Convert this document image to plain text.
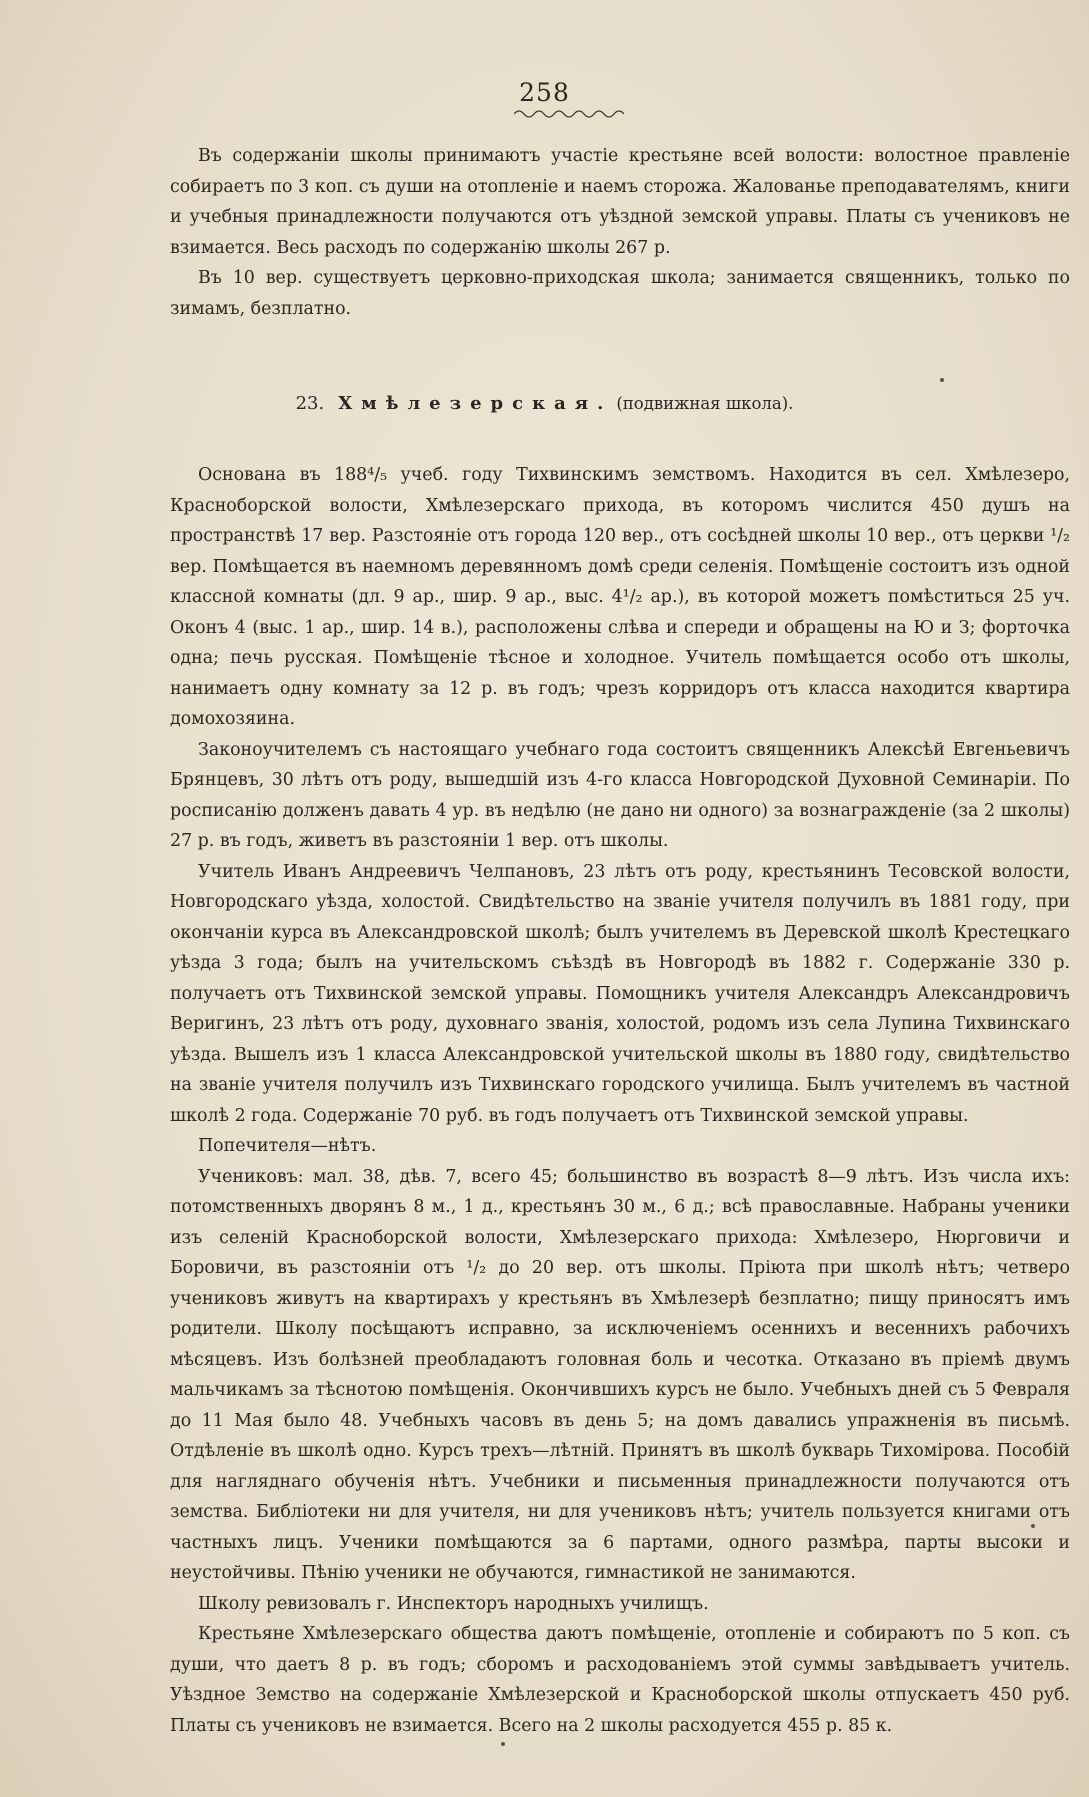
258

Въ содержаніи школы принимаютъ участіе крестьяне всей волости: волостное правленіе собираетъ по 3 коп. съ души на отопленіе и наемъ сторожа. Жалованье преподавателямъ, книги и учебныя принадлежности получаются отъ уѣздной земской управы. Платы съ учениковъ не взимается. Весь расходъ по содержанію школы 267 р.

Въ 10 вер. существуетъ церковно-приходская школа; занимается священникъ, только по зимамъ, безплатно.

23. Хмѣлезерская. (подвижная школа).

Основана въ 188⁴/₅ учеб. году Тихвинскимъ земствомъ. Находится въ сел. Хмѣлезеро, Красноборской волости, Хмѣлезерскаго прихода, въ которомъ числится 450 душъ на пространствѣ 17 вер. Разстояніе отъ города 120 вер., отъ сосѣдней школы 10 вер., отъ церкви ¹/₂ вер. Помѣщается въ наемномъ деревянномъ домѣ среди селенія. Помѣщеніе состоитъ изъ одной классной комнаты (дл. 9 ар., шир. 9 ар., выс. 4¹/₂ ар.), въ которой можетъ помѣститься 25 уч. Оконъ 4 (выс. 1 ар., шир. 14 в.), расположены слѣва и спереди и обращены на Ю и З; форточка одна; печь русская. Помѣщеніе тѣсное и холодное. Учитель помѣщается особо отъ школы, нанимаетъ одну комнату за 12 р. въ годъ; чрезъ корридоръ отъ класса находится квартира домохозяина.

Законоучителемъ съ настоящаго учебнаго года состоитъ священникъ Алексѣй Евгеньевичъ Брянцевъ, 30 лѣтъ отъ роду, вышедшій изъ 4-го класса Новгородской Духовной Семинаріи. По росписанію долженъ давать 4 ур. въ недѣлю (не дано ни одного) за вознагражденіе (за 2 школы) 27 р. въ годъ, живетъ въ разстояніи 1 вер. отъ школы.

Учитель Иванъ Андреевичъ Челпановъ, 23 лѣтъ отъ роду, крестьянинъ Тесовской волости, Новгородскаго уѣзда, холостой. Свидѣтельство на званіе учителя получилъ въ 1881 году, при окончаніи курса въ Александровской школѣ; былъ учителемъ въ Деревской школѣ Крестецкаго уѣзда 3 года; былъ на учительскомъ съѣздѣ въ Новгородѣ въ 1882 г. Содержаніе 330 р. получаетъ отъ Тихвинской земской управы. Помощникъ учителя Александръ Александровичъ Веригинъ, 23 лѣтъ отъ роду, духовнаго званія, холостой, родомъ изъ села Лупина Тихвинскаго уѣзда. Вышелъ изъ 1 класса Александровской учительской школы въ 1880 году, свидѣтельство на званіе учителя получилъ изъ Тихвинскаго городского училища. Былъ учителемъ въ частной школѣ 2 года. Содержаніе 70 руб. въ годъ получаетъ отъ Тихвинской земской управы.

Попечителя—нѣтъ.

Учениковъ: мал. 38, дѣв. 7, всего 45; большинство въ возрастѣ 8—9 лѣтъ. Изъ числа ихъ: потомственныхъ дворянъ 8 м., 1 д., крестьянъ 30 м., 6 д.; всѣ православные. Набраны ученики изъ селеній Красноборской волости, Хмѣлезерскаго прихода: Хмѣлезеро, Нюрговичи и Боровичи, въ разстояніи отъ ¹/₂ до 20 вер. отъ школы. Пріюта при школѣ нѣтъ; четверо учениковъ живутъ на квартирахъ у крестьянъ въ Хмѣлезерѣ безплатно; пищу приносятъ имъ родители. Школу посѣщаютъ исправно, за исключеніемъ осеннихъ и весеннихъ рабочихъ мѣсяцевъ. Изъ болѣзней преобладаютъ головная боль и чесотка. Отказано въ пріемѣ двумъ мальчикамъ за тѣснотою помѣщенія. Окончившихъ курсъ не было. Учебныхъ дней съ 5 Февраля до 11 Мая было 48. Учебныхъ часовъ въ день 5; на домъ давались упражненія въ письмѣ. Отдѣленіе въ школѣ одно. Курсъ трехъ—лѣтній. Принятъ въ школѣ букварь Тихомірова. Пособій для нагляднаго обученія нѣтъ. Учебники и письменныя принадлежности получаются отъ земства. Библіотеки ни для учителя, ни для учениковъ нѣтъ; учитель пользуется книгами отъ частныхъ лицъ. Ученики помѣщаются за 6 партами, одного размѣра, парты высоки и неустойчивы. Пѣнію ученики не обучаются, гимнастикой не занимаются.

Школу ревизовалъ г. Инспекторъ народныхъ училищъ.

Крестьяне Хмѣлезерскаго общества даютъ помѣщеніе, отопленіе и собираютъ по 5 коп. съ души, что даетъ 8 р. въ годъ; сборомъ и расходованіемъ этой суммы завѣдываетъ учитель. Уѣздное Земство на содержаніе Хмѣлезерской и Красноборской школы отпускаетъ 450 руб. Платы съ учениковъ не взимается. Всего на 2 школы расходуется 455 р. 85 к.
